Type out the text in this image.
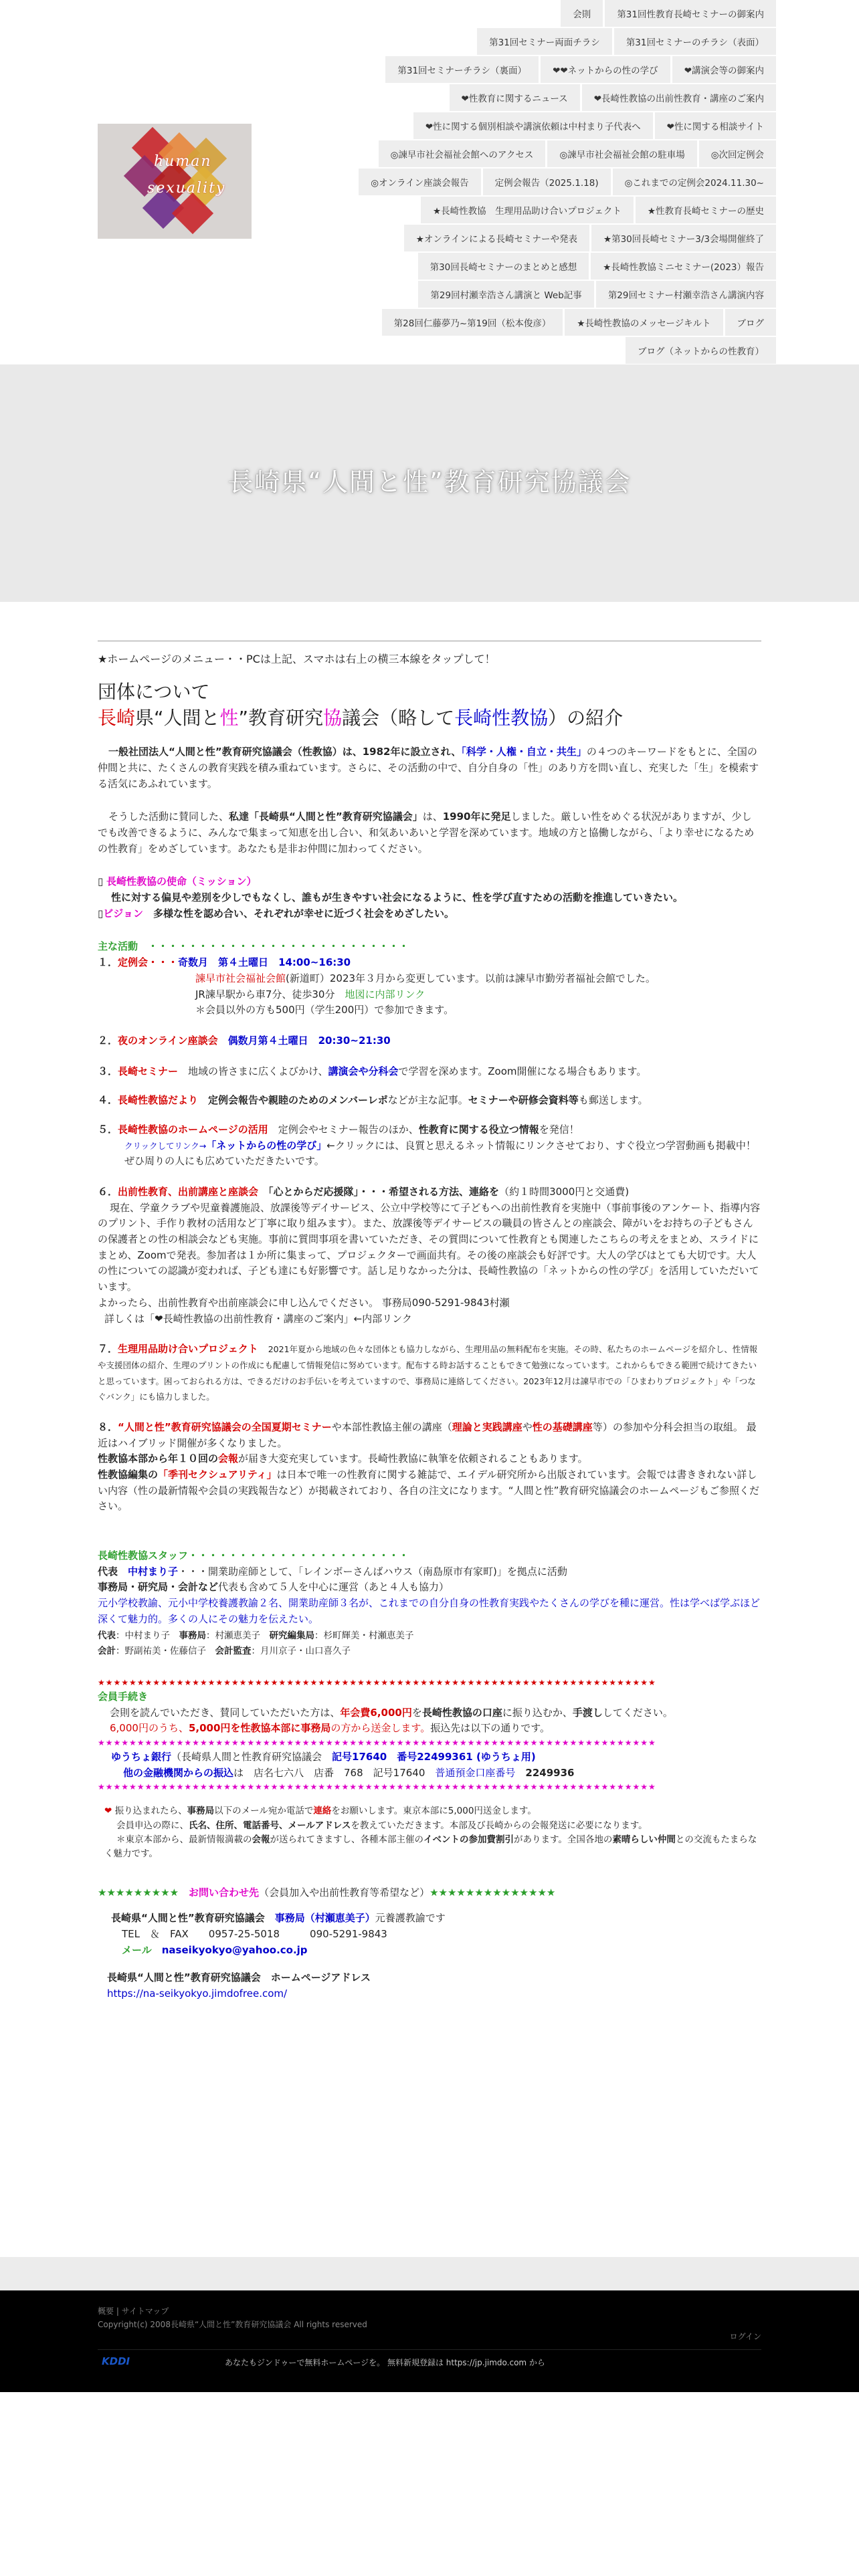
human
sexuality
会則	第31回性教育長崎セミナーの御案内
第31回セミナー両面チラシ	第31回セミナーのチラシ（表面）
第31回セミナーチラシ（裏面）	❤❤ネットからの性の学び	❤講演会等の御案内
❤性教育に関するニュース	❤長崎性教協の出前性教育・講座のご案内
❤性に関する個別相談や講演依頼は中村まり子代表へ	❤性に関する相談サイト
◎諫早市社会福祉会館へのアクセス	◎諫早市社会福祉会館の駐車場	◎次回定例会
◎オンライン座談会報告	定例会報告（2025.1.18)	◎これまでの定例会2024.11.30~
★長崎性教協　生理用品助け合いプロジェクト	★性教育長崎セミナーの歴史
★オンラインによる長崎セミナーや発表	★第30回長崎セミナー3/3会場開催終了
第30回長崎セミナーのまとめと感想	★長崎性教協ミニセミナー(2023）報告
第29回村瀬幸浩さん講演と Web記事	第29回セミナー村瀬幸浩さん講演内容
第28回仁藤夢乃~第19回（松本俊彦）	★長崎性教協のメッセージキルト	ブログ
ブログ（ネットからの性教育）
長崎県“人間と性”教育研究協議会

★ホームページのメニュー・・PCは上記、スマホは右上の横三本線をタップして！

団体について

長崎県“人間と性”教育研究協議会（略して長崎性教協）の紹介

一般社団法人“人間と性”教育研究協議会（性教協）は、1982年に設立され、「科学・人権・自立・共生」の４つのキーワードをもとに、全国の仲間と共に、たくさんの教育実践を積み重ねています。さらに、その活動の中で、自分自身の「性」のあり方を問い直し、充実した「生」を模索する活気にあふれています。

そうした活動に賛同した、私達「長崎県“人間と性”教育研究協議会」は、1990年に発足しました。厳しい性をめぐる状況がありますが、少しでも改善できるように、みんなで集まって知恵を出し合い、和気あいあいと学習を深めています。地域の方と協働しながら、「より幸せになるための性教育」をめざしています。あなたも是非お仲間に加わってください。

▯ 長崎性教協の使命（ミッション）

性に対する偏見や差別を少しでもなくし、誰もが生きやすい社会になるように、性を学び直すための活動を推進していきたい。

▯ビジョン　 多様な性を認め合い、それぞれが幸せに近づく社会をめざしたい。

主な活動　・・・・・・・・・・・・・・・・・・・・・・・・・・

１．定例会・・・奇数月　第４土曜日　 14:00~16:30

諫早市社会福祉会館(新道町）2023年３月から変更しています。以前は諫早市勤労者福祉会館でした。
JR諫早駅から車7分、徒歩30分　 地図に内部リンク
＊会員以外の方も500円（学生200円）で参加できます。

２．夜のオンライン座談会　 偶数月第４土曜日　 20:30~21:30

３．長崎セミナー　 地域の皆さまに広くよびかけ、講演会や分科会で学習を深めます。Zoom開催になる場合もあります。

４．長崎性教協だより　 定例会報告や親睦のためのメンバーレポなどが主な記事。セミナーや研修会資料等も郵送します。

５．長崎性教協のホームページの活用　 定例会やセミナー報告のほか、性教育に関する役立つ情報を発信！

クリックしてリンク→「ネットからの性の学び」←クリックには、良質と思えるネット情報にリンクさせており、すぐ役立つ学習動画も掲載中！　ぜひ周りの人にも広めていただきたいです。

６．出前性教育、出前講座と座談会　 「心とからだ応援隊」・・・希望される方法、連絡を（約１時間3000円と交通費)

現在、学童クラブや児童養護施設、放課後等デイサービス、公立中学校等にて子どもへの出前性教育を実施中（事前事後のアンケート、指導内容のプリント、手作り教材の活用など丁寧に取り組みます）。また、放課後等デイサービスの職員の皆さんとの座談会、障がいをお持ちの子どもさんの保護者との性の相談会なども実施。事前に質問事項を書いていただき、その質問について性教育とも関連したこちらの考えをまとめ、スライドにまとめ、Zoomで発表。参加者は１か所に集まって、プロジェクターで画面共有。その後の座談会も好評です。大人の学びはとても大切です。大人の性についての認識が変われば、子ども達にも好影響です。話し足りなかった分は、長崎性教協の「ネットからの性の学び」を活用していただいています。

よかったら、出前性教育や出前座談会に申し込んでください。 事務局090-5291-9843村瀬

詳しくは「❤長崎性教協の出前性教育・講座のご案内」←内部リンク

７．生理用品助け合いプロジェクト　 2021年夏から地域の色々な団体とも協力しながら、生理用品の無料配布を実施。その時、私たちのホームページを紹介し、性情報や支援団体の紹介、生理のプリントの作成にも配慮して情報発信に努めています。配布する時お話することもできて勉強になっています。これからもできる範囲で続けてきたいと思っています。困っておられる方は、できるだけのお手伝いを考えていますので、事務局に連絡してください。2023年12月は諫早市での「ひまわりプロジェクト」や「つなぐバンク」にも協力しました。

８．“人間と性”教育研究協議会の全国夏期セミナーや本部性教協主催の講座（理論と実践講座や性の基礎講座等）の参加や分科会担当の取組。 最近はハイブリッド開催が多くなりました。
性教協本部から年１０回の会報が届き大変充実しています。長崎性教協に執筆を依頼されることもあります。
性教協編集の「季刊セクシュアリティ」は日本で唯一の性教育に関する雑誌で、エイデル研究所から出版されています。会報では書ききれない詳しい内容（性の最新情報や会員の実践報告など）が掲載されており、各自の注文になります。“人間と性”教育研究協議会のホームページもご参照ください。

長崎性教協スタッフ・・・・・・・・・・・・・・・・・・・・・・

代表　 中村まり子・・・開業助産師として、「レインボーさんばハウス（南島原市有家町)」を拠点に活動
事務局・研究局・会計など代表も含めて５人を中心に運営（あと４人も協力）
元小学校教諭、元小中学校養護教諭２名、開業助産師３名が、これまでの自分自身の性教育実践やたくさんの学びを種に運営。性は学べば学ぶほど深くて魅力的。多くの人にその魅力を伝えたい。
代表：中村まり子　 事務局：村瀬恵美子　 研究編集局：杉町輝美・村瀬恵美子
会計：野副祐美・佐藤信子　 会計監査：月川京子・山口喜久子

★★★★★★★★★★★★★★★★★★★★★★★★★★★★★★★★★★★★★★★★★★★★★★★★★★★★★★★★★★★★★★★★★★★★★★★

会員手続き

会則を読んでいただき、賛同していただいた方は、年会費6,000円を長崎性教協の口座に振り込むか、手渡ししてください。
6,000円のうち、5,000円を性教協本部に事務局の方から送金します。振込先は以下の通りです。

★★★★★★★★★★★★★★★★★★★★★★★★★★★★★★★★★★★★★★★★★★★★★★★★★★★★★★★★★★★★★★★★★★★★★★★

ゆうちょ銀行（長崎県人間と性教育研究協議会　 記号17640　 番号22499361 (ゆうちょ用)
他の金融機関からの振込は　店名七六八　店番　768　記号17640　普通預金口座番号　 2249936

★★★★★★★★★★★★★★★★★★★★★★★★★★★★★★★★★★★★★★★★★★★★★★★★★★★★★★★★★★★★★★★★★★★★★★★

❤ 振り込まれたら、事務局以下のメール宛か電話で連絡をお願いします。東京本部に5,000円送金します。
会員申込の際に、氏名、住所、電話番号、メールアドレスを教えていただきます。本部及び長崎からの会報発送に必要になります。
＊東京本部から、最新情報満載の会報が送られてきますし、各種本部主催のイベントの参加費割引があります。全国各地の素晴らしい仲間との交流もたまらなく魅力です。

★★★★★★★★★　 お問い合わせ先（会員加入や出前性教育等希望など）★★★★★★★★★★★★★★

長崎県“人間と性”教育研究協議会　 事務局（村瀬恵美子）元養護教諭です
TEL　＆　FAX　　0957-25-5018　　　090-5291-9843
メール　 naseikyokyo@yahoo.co.jp

長崎県“人間と性”教育研究協議会　ホームページアドレス

https://na-seikyokyo.jimdofree.com/

概要 | サイトマップ
Copyright(c) 2008長崎県“人間と性”教育研究協議会 All rights reserved
ログイン
KDDI	あなたもジンドゥーで無料ホームページを。 無料新規登録は https://jp.jimdo.com から
